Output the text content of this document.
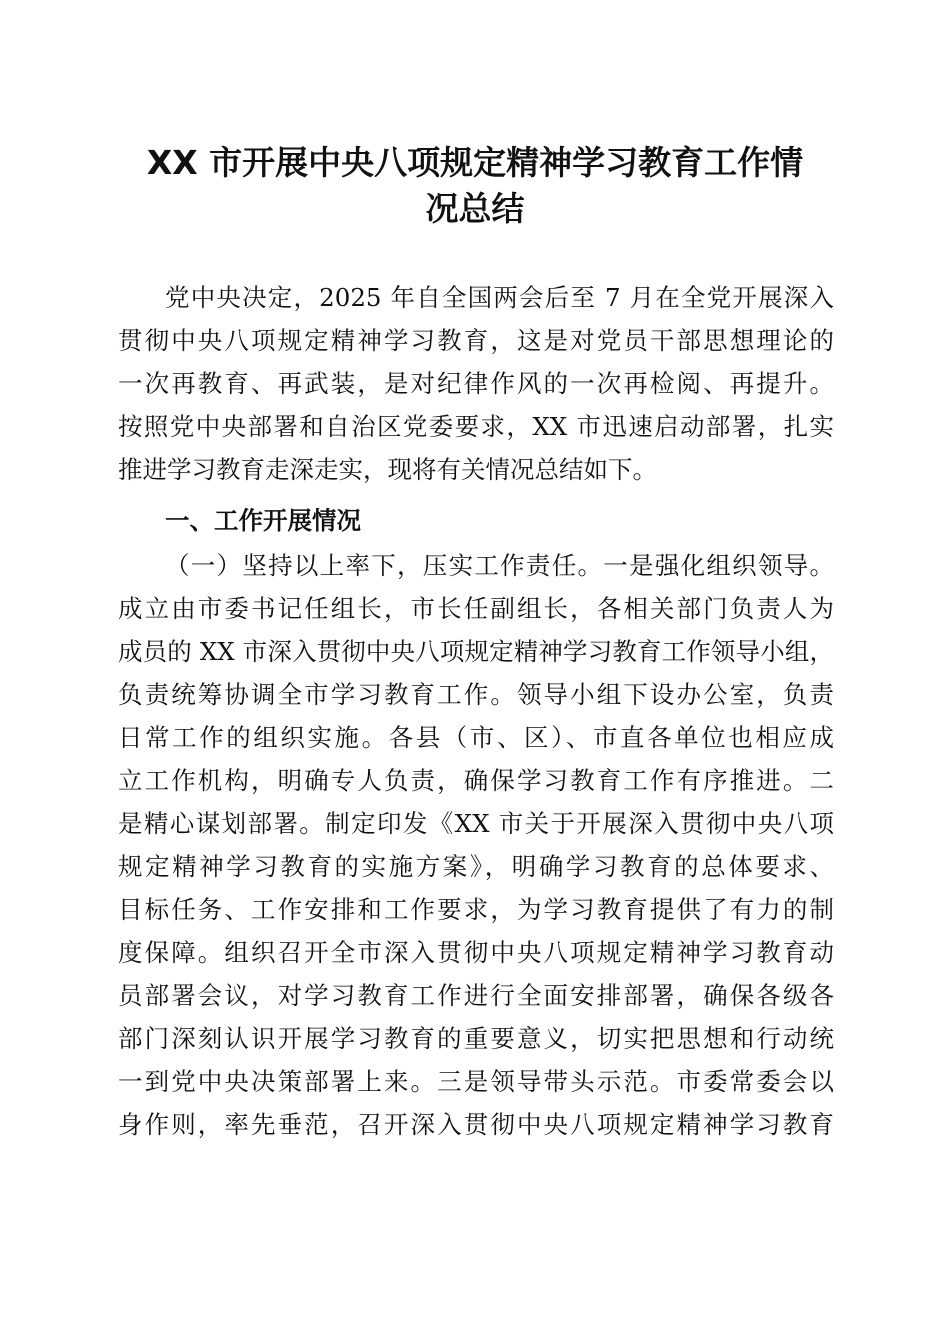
XX 市开展中央八项规定精神学习教育工作情
况总结
党中央决定，2025 年自全国两会后至 7 月在全党开展深入
贯彻中央八项规定精神学习教育，这是对党员干部思想理论的
一次再教育、再武装，是对纪律作风的一次再检阅、再提升。
按照党中央部署和自治区党委要求，XX 市迅速启动部署，扎实
推进学习教育走深走实，现将有关情况总结如下。
一、工作开展情况
（一）坚持以上率下，压实工作责任。一是强化组织领导。
成立由市委书记任组长，市长任副组长，各相关部门负责人为
成员的 XX 市深入贯彻中央八项规定精神学习教育工作领导小组，
负责统筹协调全市学习教育工作。领导小组下设办公室，负责
日常工作的组织实施。各县（市、区）、市直各单位也相应成
立工作机构，明确专人负责，确保学习教育工作有序推进。二
是精心谋划部署。制定印发《XX 市关于开展深入贯彻中央八项
规定精神学习教育的实施方案》，明确学习教育的总体要求、
目标任务、工作安排和工作要求，为学习教育提供了有力的制
度保障。组织召开全市深入贯彻中央八项规定精神学习教育动
员部署会议，对学习教育工作进行全面安排部署，确保各级各
部门深刻认识开展学习教育的重要意义，切实把思想和行动统
一到党中央决策部署上来。三是领导带头示范。市委常委会以
身作则，率先垂范，召开深入贯彻中央八项规定精神学习教育
